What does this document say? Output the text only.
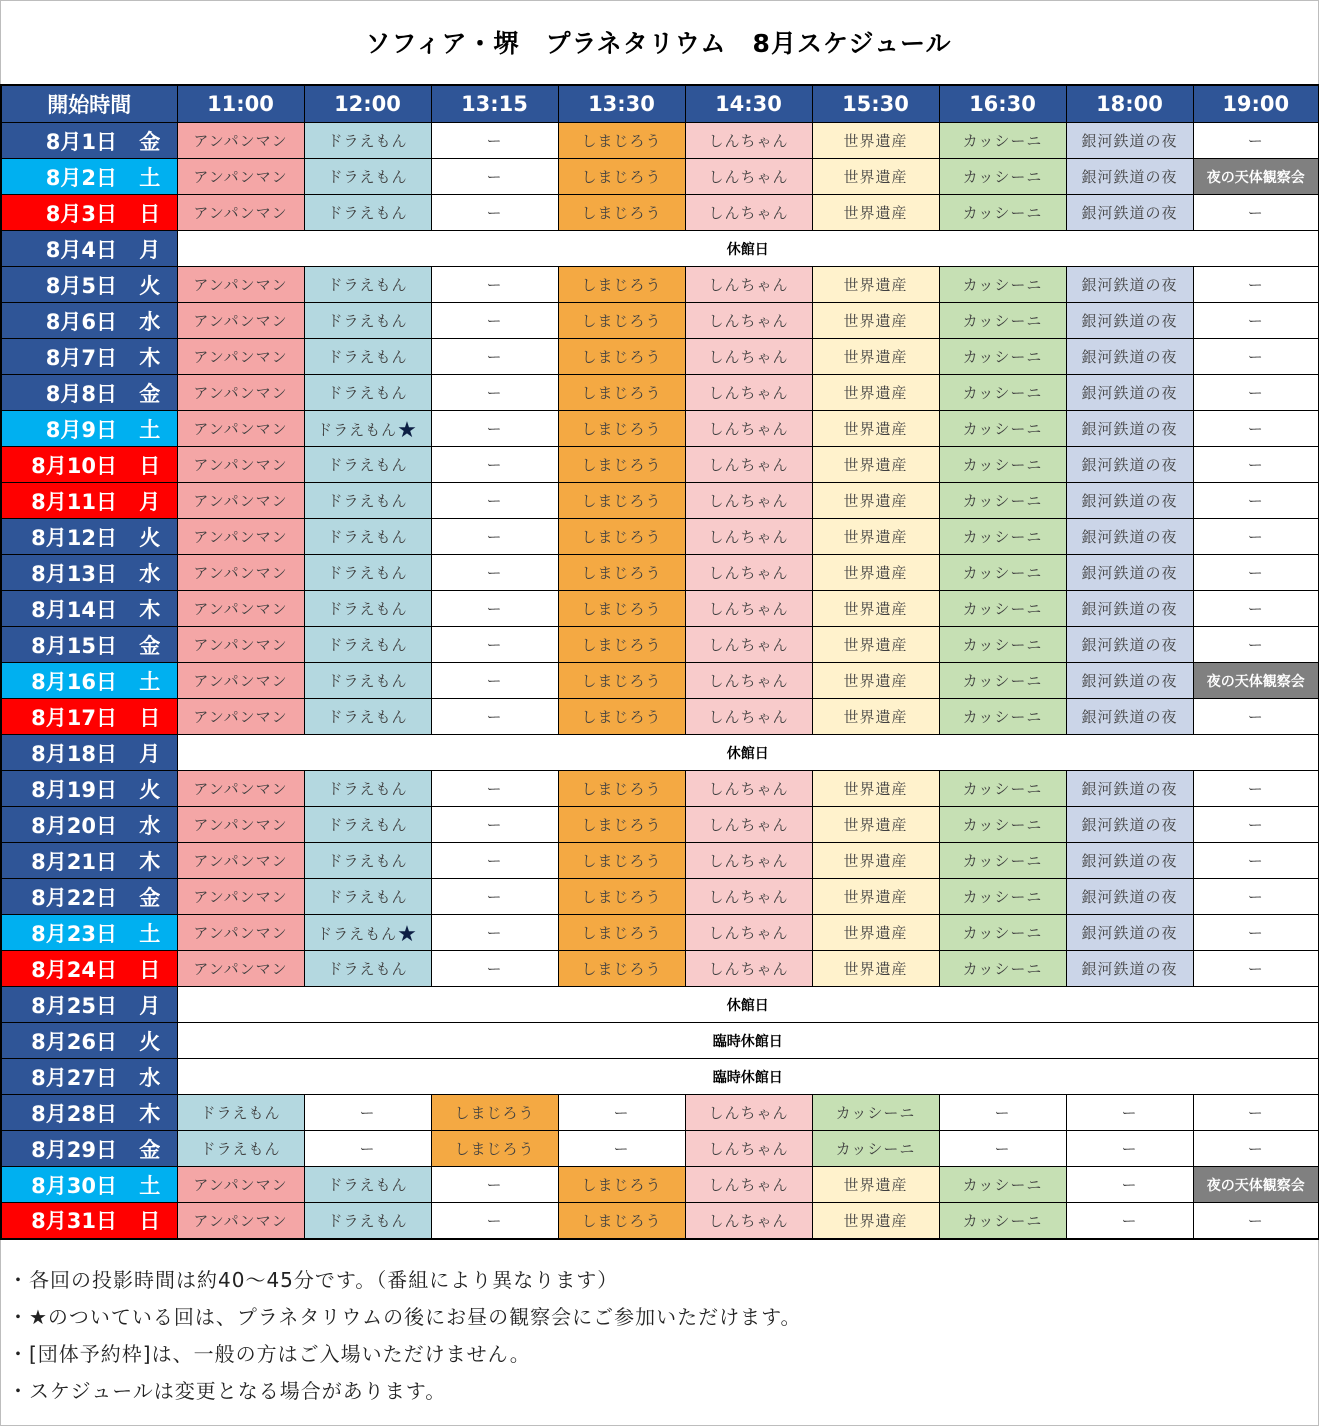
ソフィア・堺　プラネタリウム　8月スケジュール
開始時間		11:00	12:00	13:15	13:30	14:30	15:30	16:30	18:00	19:00
8月1日	金	アンパンマン	ドラえもん	ー	しまじろう	しんちゃん	世界遺産	カッシーニ	銀河鉄道の夜	ー
8月2日	土	アンパンマン	ドラえもん	ー	しまじろう	しんちゃん	世界遺産	カッシーニ	銀河鉄道の夜	夜の天体観察会
8月3日	日	アンパンマン	ドラえもん	ー	しまじろう	しんちゃん	世界遺産	カッシーニ	銀河鉄道の夜	ー
8月4日	月	休館日								
8月5日	火	アンパンマン	ドラえもん	ー	しまじろう	しんちゃん	世界遺産	カッシーニ	銀河鉄道の夜	ー
8月6日	水	アンパンマン	ドラえもん	ー	しまじろう	しんちゃん	世界遺産	カッシーニ	銀河鉄道の夜	ー
8月7日	木	アンパンマン	ドラえもん	ー	しまじろう	しんちゃん	世界遺産	カッシーニ	銀河鉄道の夜	ー
8月8日	金	アンパンマン	ドラえもん	ー	しまじろう	しんちゃん	世界遺産	カッシーニ	銀河鉄道の夜	ー
8月9日	土	アンパンマン	ドラえもん★	ー	しまじろう	しんちゃん	世界遺産	カッシーニ	銀河鉄道の夜	ー
8月10日	日	アンパンマン	ドラえもん	ー	しまじろう	しんちゃん	世界遺産	カッシーニ	銀河鉄道の夜	ー
8月11日	月	アンパンマン	ドラえもん	ー	しまじろう	しんちゃん	世界遺産	カッシーニ	銀河鉄道の夜	ー
8月12日	火	アンパンマン	ドラえもん	ー	しまじろう	しんちゃん	世界遺産	カッシーニ	銀河鉄道の夜	ー
8月13日	水	アンパンマン	ドラえもん	ー	しまじろう	しんちゃん	世界遺産	カッシーニ	銀河鉄道の夜	ー
8月14日	木	アンパンマン	ドラえもん	ー	しまじろう	しんちゃん	世界遺産	カッシーニ	銀河鉄道の夜	ー
8月15日	金	アンパンマン	ドラえもん	ー	しまじろう	しんちゃん	世界遺産	カッシーニ	銀河鉄道の夜	ー
8月16日	土	アンパンマン	ドラえもん	ー	しまじろう	しんちゃん	世界遺産	カッシーニ	銀河鉄道の夜	夜の天体観察会
8月17日	日	アンパンマン	ドラえもん	ー	しまじろう	しんちゃん	世界遺産	カッシーニ	銀河鉄道の夜	ー
8月18日	月	休館日								
8月19日	火	アンパンマン	ドラえもん	ー	しまじろう	しんちゃん	世界遺産	カッシーニ	銀河鉄道の夜	ー
8月20日	水	アンパンマン	ドラえもん	ー	しまじろう	しんちゃん	世界遺産	カッシーニ	銀河鉄道の夜	ー
8月21日	木	アンパンマン	ドラえもん	ー	しまじろう	しんちゃん	世界遺産	カッシーニ	銀河鉄道の夜	ー
8月22日	金	アンパンマン	ドラえもん	ー	しまじろう	しんちゃん	世界遺産	カッシーニ	銀河鉄道の夜	ー
8月23日	土	アンパンマン	ドラえもん★	ー	しまじろう	しんちゃん	世界遺産	カッシーニ	銀河鉄道の夜	ー
8月24日	日	アンパンマン	ドラえもん	ー	しまじろう	しんちゃん	世界遺産	カッシーニ	銀河鉄道の夜	ー
8月25日	月	休館日								
8月26日	火	臨時休館日								
8月27日	水	臨時休館日								
8月28日	木	ドラえもん	ー	しまじろう	ー	しんちゃん	カッシーニ	ー	ー	ー
8月29日	金	ドラえもん	ー	しまじろう	ー	しんちゃん	カッシーニ	ー	ー	ー
8月30日	土	アンパンマン	ドラえもん	ー	しまじろう	しんちゃん	世界遺産	カッシーニ	ー	夜の天体観察会
8月31日	日	アンパンマン	ドラえもん	ー	しまじろう	しんちゃん	世界遺産	カッシーニ	ー	ー
・各回の投影時間は約40～45分です。（番組により異なります）
・★のついている回は、プラネタリウムの後にお昼の観察会にご参加いただけます。
・[団体予約枠]は、一般の方はご入場いただけません。
・スケジュールは変更となる場合があります。
